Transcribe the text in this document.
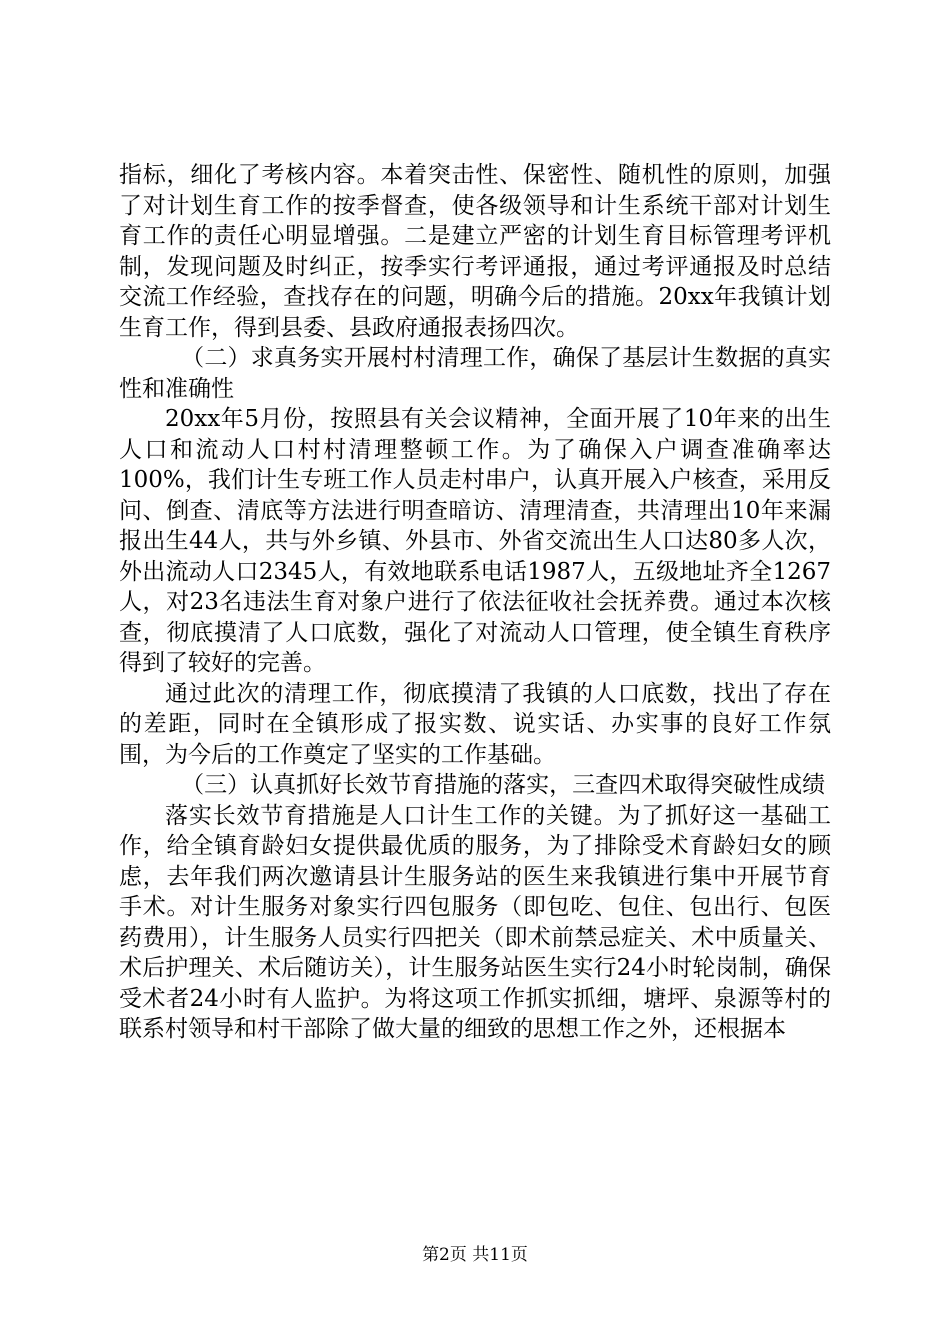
指标，细化了考核内容。本着突击性、保密性、随机性的原则，加强了对计划生育工作的按季督查，使各级领导和计生系统干部对计划生育工作的责任心明显增强。二是建立严密的计划生育目标管理考评机制，发现问题及时纠正，按季实行考评通报，通过考评通报及时总结交流工作经验，查找存在的问题，明确今后的措施。20xx年我镇计划生育工作，得到县委、县政府通报表扬四次。

（二）求真务实开展村村清理工作，确保了基层计生数据的真实性和准确性

20xx年5月份，按照县有关会议精神，全面开展了10年来的出生人口和流动人口村村清理整顿工作。为了确保入户调查准确率达100%，我们计生专班工作人员走村串户，认真开展入户核查，采用反问、倒查、清底等方法进行明查暗访、清理清查，共清理出10年来漏报出生44人，共与外乡镇、外县市、外省交流出生人口达80多人次，外出流动人口2345人，有效地联系电话1987人，五级地址齐全1267人，对23名违法生育对象户进行了依法征收社会抚养费。通过本次核查，彻底摸清了人口底数，强化了对流动人口管理，使全镇生育秩序得到了较好的完善。

通过此次的清理工作，彻底摸清了我镇的人口底数，找出了存在的差距，同时在全镇形成了报实数、说实话、办实事的良好工作氛围，为今后的工作奠定了坚实的工作基础。

（三）认真抓好长效节育措施的落实，三查四术取得突破性成绩

落实长效节育措施是人口计生工作的关键。为了抓好这一基础工作，给全镇育龄妇女提供最优质的服务，为了排除受术育龄妇女的顾虑，去年我们两次邀请县计生服务站的医生来我镇进行集中开展节育手术。对计生服务对象实行四包服务（即包吃、包住、包出行、包医药费用），计生服务人员实行四把关（即术前禁忌症关、术中质量关、术后护理关、术后随访关），计生服务站医生实行24小时轮岗制，确保受术者24小时有人监护。为将这项工作抓实抓细，塘坪、泉源等村的联系村领导和村干部除了做大量的细致的思想工作之外，还根据本

第2页 共11页
